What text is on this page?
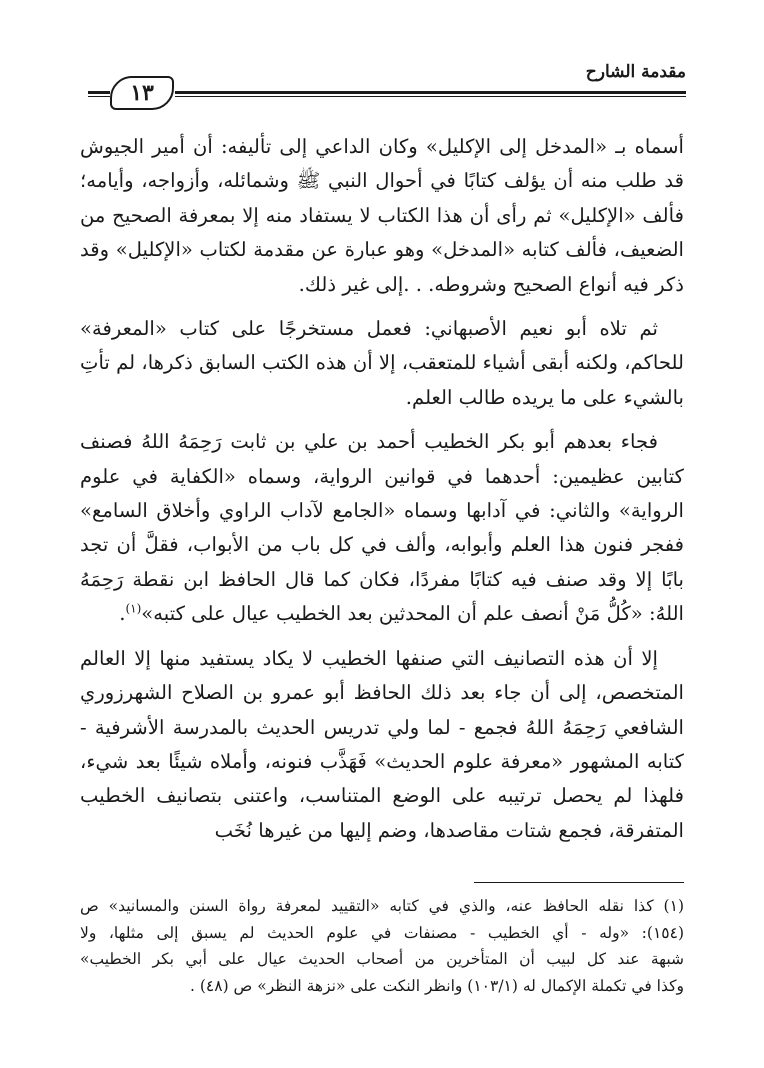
مقدمة الشارح
١٣

أسماه بـ «المدخل إلى الإكليل» وكان الداعي إلى تأليفه: أن أمير الجيوش قد طلب منه أن يؤلف كتابًا في أحوال النبي ﷺ وشمائله، وأزواجه، وأيامه؛ فألف «الإكليل» ثم رأى أن هذا الكتاب لا يستفاد منه إلا بمعرفة الصحيح من الضعيف، فألف كتابه «المدخل» وهو عبارة عن مقدمة لكتاب «الإكليل» وقد ذكر فيه أنواع الصحيح وشروطه. . .إلى غير ذلك.

ثم تلاه أبو نعيم الأصبهاني: فعمل مستخرجًا على كتاب «المعرفة» للحاكم، ولكنه أبقى أشياء للمتعقب، إلا أن هذه الكتب السابق ذكرها، لم تأتِ بالشيء على ما يريده طالب العلم.

فجاء بعدهم أبو بكر الخطيب أحمد بن علي بن ثابت رَحِمَهُ اللهُ فصنف كتابين عظيمين: أحدهما في قوانين الرواية، وسماه «الكفاية في علوم الرواية» والثاني: في آدابها وسماه «الجامع لآداب الراوي وأخلاق السامع» ففجر فنون هذا العلم وأبوابه، وألف في كل باب من الأبواب، فقلَّ أن تجد بابًا إلا وقد صنف فيه كتابًا مفردًا، فكان كما قال الحافظ ابن نقطة رَحِمَهُ اللهُ: «كُلُّ مَنْ أنصف علم أن المحدثين بعد الخطيب عيال على كتبه»$^{(١)}$.

إلا أن هذه التصانيف التي صنفها الخطيب لا يكاد يستفيد منها إلا العالم المتخصص، إلى أن جاء بعد ذلك الحافظ أبو عمرو بن الصلاح الشهرزوري الشافعي رَحِمَهُ اللهُ فجمع - لما ولي تدريس الحديث بالمدرسة الأشرفية - كتابه المشهور «معرفة علوم الحديث» فَهَذَّب فنونه، وأملاه شيئًا بعد شيء، فلهذا لم يحصل ترتيبه على الوضع المتناسب، واعتنى بتصانيف الخطيب المتفرقة، فجمع شتات مقاصدها، وضم إليها من غيرها نُخَب

(١) كذا نقله الحافظ عنه، والذي في كتابه «التقييد لمعرفة رواة السنن والمسانيد» ص
(١٥٤): «وله - أي الخطيب - مصنفات في علوم الحديث لم يسبق إلى مثلها، ولا
شبهة عند كل لبيب أن المتأخرين من أصحاب الحديث عيال على أبي بكر الخطيب»
وكذا في تكملة الإكمال له (١٠٣/١) وانظر النكت على «نزهة النظر» ص (٤٨) .
